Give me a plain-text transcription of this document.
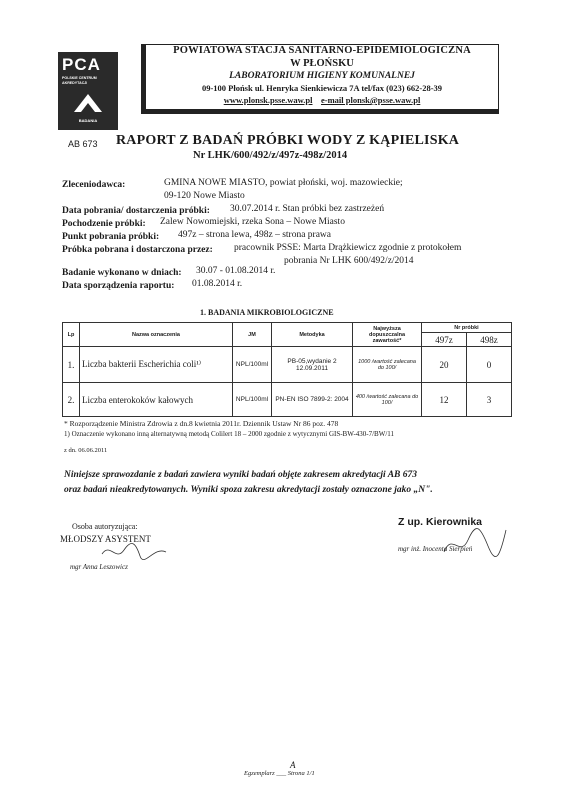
PCA
POLSKIE CENTRUM AKREDYTACJI
BADANIA
AB 673
POWIATOWA STACJA SANITARNO-EPIDEMIOLOGICZNA
W PŁOŃSKU
LABORATORIUM HIGIENY KOMUNALNEJ
09-100 Płońsk ul. Henryka Sienkiewicza 7A tel/fax (023) 662-28-39
www.plonsk.psse.waw.pl e-mail plonsk@psse.waw.pl
RAPORT Z BADAŃ PRÓBKI WODY Z KĄPIELISKA
Nr LHK/600/492/z/497z-498z/2014
Zleceniodawca:	GMINA NOWE MIASTO, powiat płoński, woj. mazowieckie;
09-120 Nowe Miasto
Data pobrania/ dostarczenia próbki: 30.07.2014 r. Stan próbki bez zastrzeżeń
Pochodzenie próbki: Zalew Nowomiejski, rzeka Sona – Nowe Miasto
Punkt pobrania próbki: 497z – strona lewa, 498z – strona prawa
Próbka pobrana i dostarczona przez: pracownik PSSE: Marta Drążkiewicz zgodnie z protokołem
pobrania Nr LHK 600/492/z/2014
Badanie wykonano w dniach: 30.07 - 01.08.2014 r.
Data sporządzenia raportu: 01.08.2014 r.
1. BADANIA MIKROBIOLOGICZNE
Lp	Nazwa oznaczenia	JM	Metodyka	Najwyższa dopuszczalna zawartość*	Nr próbki	
					497z	498z
1.	Liczba bakterii Escherichia coli¹⁾	NPL/100ml	PB-05,wydanie 2 12.09.2011	1000 /wartość zalecana do 100/	20	0
2.	Liczba enterokoków kałowych	NPL/100ml	PN-EN ISO 7899-2: 2004	400 /wartość zalecana do 100/	12	3
* Rozporządzenie Ministra Zdrowia z dn.8 kwietnia 2011r. Dziennik Ustaw Nr 86 poz. 478
1) Oznaczenie wykonano inną alternatywną metodą Colilert 18 – 2000 zgodnie z wytycznymi GIS-BW-430-7/BW/11
z dn. 06.06.2011
Niniejsze sprawozdanie z badań zawiera wyniki badań objęte zakresem akredytacji AB 673
oraz badań nieakredytowanych. Wyniki spoza zakresu akredytacji zostały oznaczone jako „N".
Osoba autoryzująca:
MŁODSZY ASYSTENT
mgr Anna Leszowicz
Z up. Kierownika
mgr inż. Inocenta Sierpień
A
Egzemplarz ___ Strona 1/1
